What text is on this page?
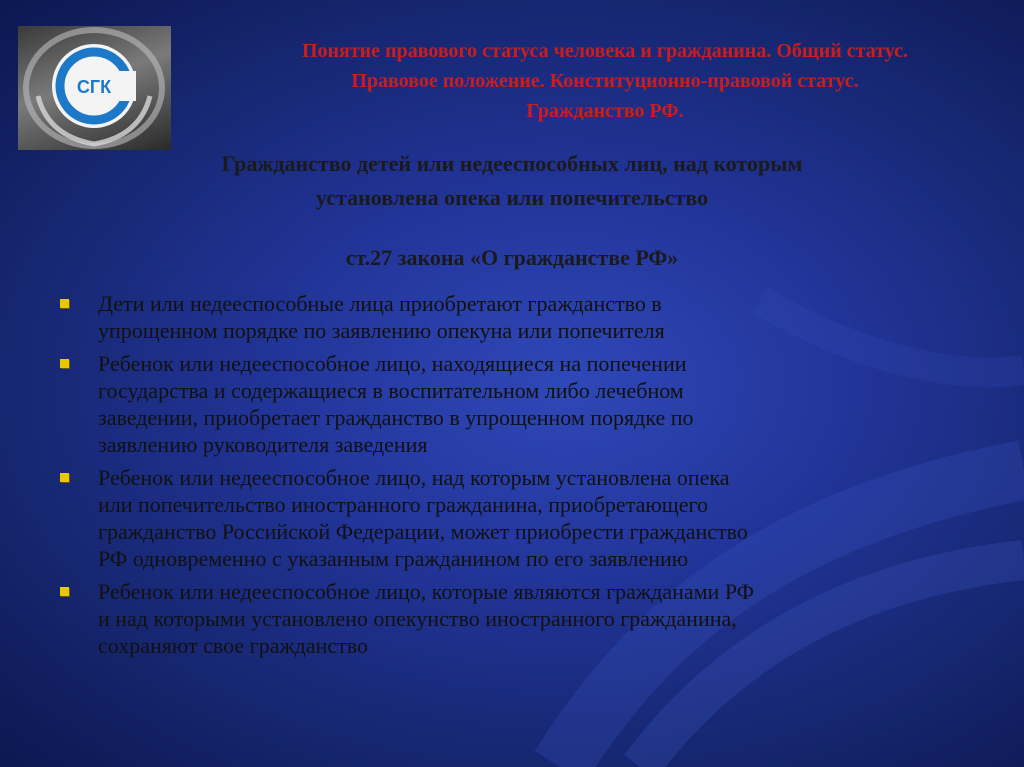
СГК
Понятие правового статуса человека и гражданина. Общий статус.
Правовое положение. Конституционно-правовой статус.
Гражданство РФ.
Гражданство детей или недееспособных лиц, над которым
установлена опека или попечительство
ст.27 закона «О гражданстве РФ»
Дети или недееспособные лица приобретают гражданство в
упрощенном порядке по заявлению опекуна или попечителя
Ребенок или недееспособное лицо, находящиеся на попечении
государства и содержащиеся в воспитательном либо лечебном
заведении, приобретает гражданство в упрощенном порядке по
заявлению руководителя заведения
Ребенок или недееспособное лицо, над которым установлена опека
или попечительство иностранного гражданина, приобретающего
гражданство Российской Федерации, может приобрести гражданство
РФ одновременно с указанным гражданином по его заявлению
Ребенок или недееспособное лицо, которые являются гражданами РФ
и над которыми установлено опекунство иностранного гражданина,
сохраняют свое гражданство
